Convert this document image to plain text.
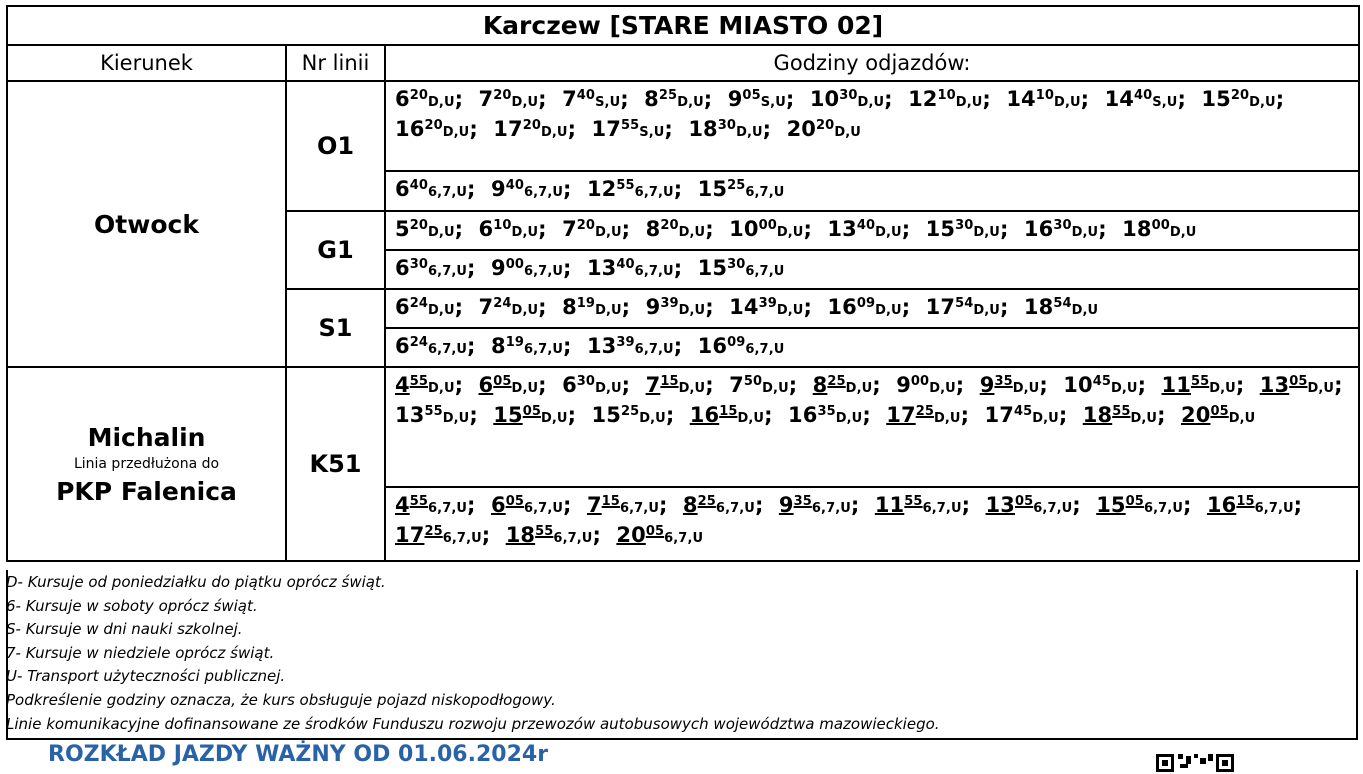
Karczew [STARE MIASTO 02]		
Kierunek	Nr linii	Godziny odjazdów:

Otwock	O1	$6^{20}_{D,U}$; $7^{20}_{D,U}$; $7^{40}_{S,U}$; $8^{25}_{D,U}$; $9^{05}_{S,U}$; $10^{30}_{D,U}$; $12^{10}_{D,U}$; $14^{10}_{D,U}$; $14^{40}_{S,U}$; $15^{20}_{D,U}$; $16^{20}_{D,U}$; $17^{20}_{D,U}$; $17^{55}_{S,U}$; $18^{30}_{D,U}$; $20^{20}_{D,U}$
		$6^{40}_{6,7,U}$; $9^{40}_{6,7,U}$; $12^{55}_{6,7,U}$; $15^{25}_{6,7,U}$
	G1	$5^{20}_{D,U}$; $6^{10}_{D,U}$; $7^{20}_{D,U}$; $8^{20}_{D,U}$; $10^{00}_{D,U}$; $13^{40}_{D,U}$; $15^{30}_{D,U}$; $16^{30}_{D,U}$; $18^{00}_{D,U}$
		$6^{30}_{6,7,U}$; $9^{00}_{6,7,U}$; $13^{40}_{6,7,U}$; $15^{30}_{6,7,U}$
	S1	$6^{24}_{D,U}$; $7^{24}_{D,U}$; $8^{19}_{D,U}$; $9^{39}_{D,U}$; $14^{39}_{D,U}$; $16^{09}_{D,U}$; $17^{54}_{D,U}$; $18^{54}_{D,U}$
		$6^{24}_{6,7,U}$; $8^{19}_{6,7,U}$; $13^{39}_{6,7,U}$; $16^{09}_{6,7,U}$

Michalin
Linia przedłużona do
PKP Falenica	K51	$4^{55}_{D,U}$; $6^{05}_{D,U}$; $6^{30}_{D,U}$; $7^{15}_{D,U}$; $7^{50}_{D,U}$; $8^{25}_{D,U}$; $9^{00}_{D,U}$; $9^{35}_{D,U}$; $10^{45}_{D,U}$; $11^{55}_{D,U}$; $13^{05}_{D,U}$; $13^{55}_{D,U}$; $15^{05}_{D,U}$; $15^{25}_{D,U}$; $16^{15}_{D,U}$; $16^{35}_{D,U}$; $17^{25}_{D,U}$; $17^{45}_{D,U}$; $18^{55}_{D,U}$; $20^{05}_{D,U}$
		$4^{55}_{6,7,U}$; $6^{05}_{6,7,U}$; $7^{15}_{6,7,U}$; $8^{25}_{6,7,U}$; $9^{35}_{6,7,U}$; $11^{55}_{6,7,U}$; $13^{05}_{6,7,U}$; $15^{05}_{6,7,U}$; $16^{15}_{6,7,U}$; $17^{25}_{6,7,U}$; $18^{55}_{6,7,U}$; $20^{05}_{6,7,U}$
D- Kursuje od poniedziałku do piątku oprócz świąt.
6- Kursuje w soboty oprócz świąt.
S- Kursuje w dni nauki szkolnej.
7- Kursuje w niedziele oprócz świąt.
U- Transport użyteczności publicznej.
Podkreślenie godziny oznacza, że kurs obsługuje pojazd niskopodłogowy.
Linie komunikacyjne dofinansowane ze środków Funduszu rozwoju przewozów autobusowych województwa mazowieckiego.
ROZKŁAD JAZDY WAŻNY OD 01.06.2024r
